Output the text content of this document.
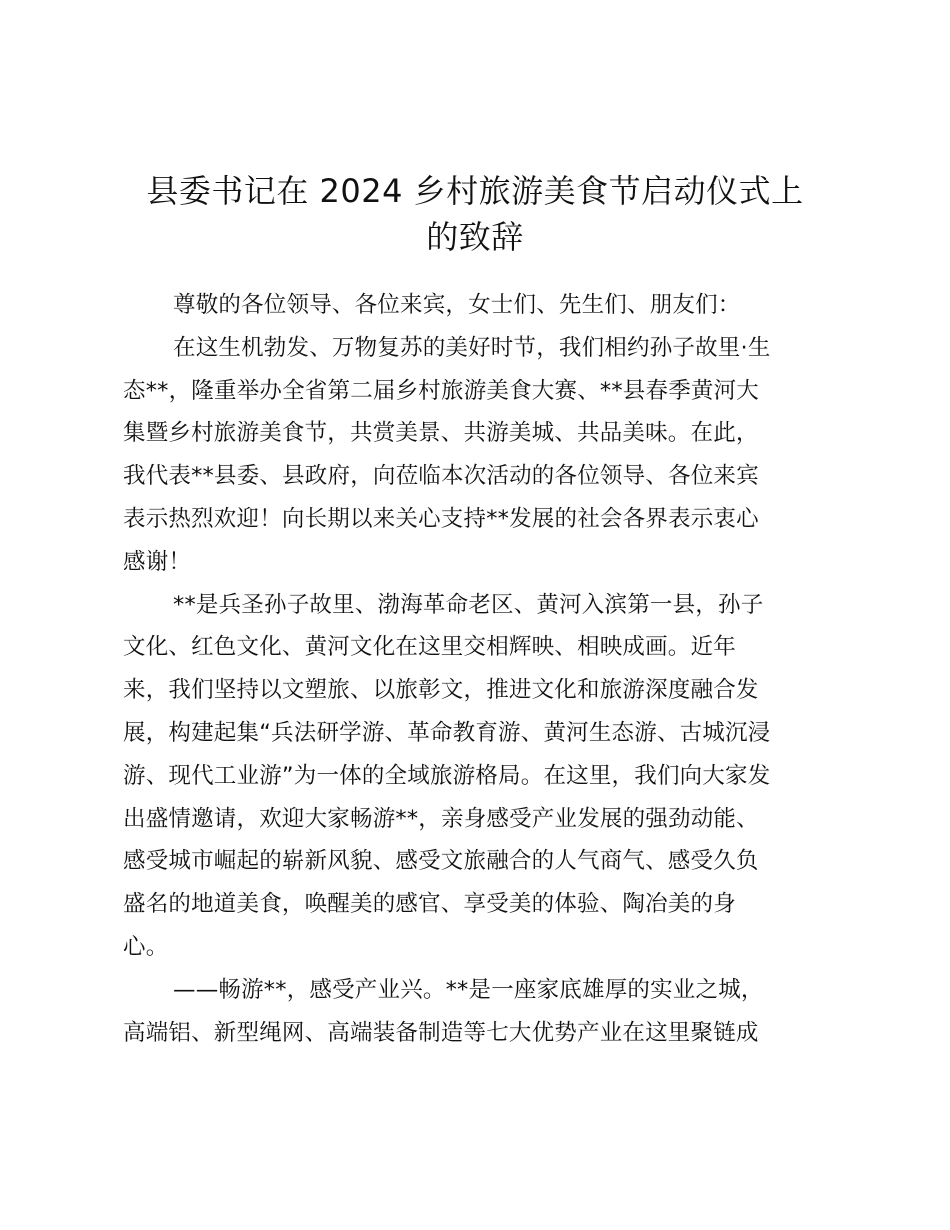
县委书记在 2024 乡村旅游美食节启动仪式上
的致辞

尊敬的各位领导、各位来宾，女士们、先生们、朋友们：

在这生机勃发、万物复苏的美好时节，我们相约孙子故里·生
态**，隆重举办全省第二届乡村旅游美食大赛、**县春季黄河大
集暨乡村旅游美食节，共赏美景、共游美城、共品美味。在此，
我代表**县委、县政府，向莅临本次活动的各位领导、各位来宾
表示热烈欢迎！向长期以来关心支持**发展的社会各界表示衷心
感谢！

**是兵圣孙子故里、渤海革命老区、黄河入滨第一县，孙子
文化、红色文化、黄河文化在这里交相辉映、相映成画。近年
来，我们坚持以文塑旅、以旅彰文，推进文化和旅游深度融合发
展，构建起集“兵法研学游、革命教育游、黄河生态游、古城沉浸
游、现代工业游”为一体的全域旅游格局。在这里，我们向大家发
出盛情邀请，欢迎大家畅游**，亲身感受产业发展的强劲动能、
感受城市崛起的崭新风貌、感受文旅融合的人气商气、感受久负
盛名的地道美食，唤醒美的感官、享受美的体验、陶冶美的身
心。

——畅游**，感受产业兴。**是一座家底雄厚的实业之城，
高端铝、新型绳网、高端装备制造等七大优势产业在这里聚链成
